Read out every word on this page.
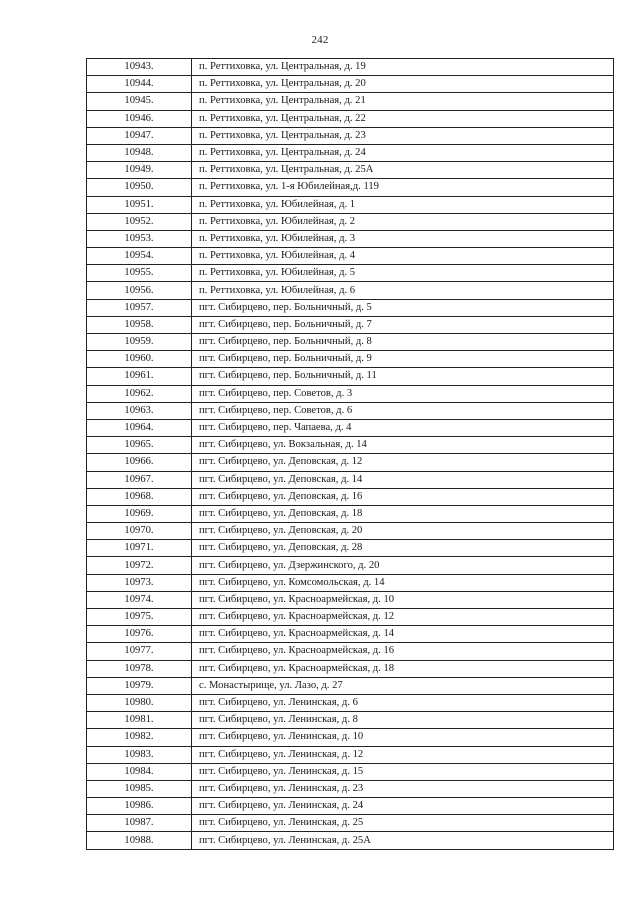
242
10943.	п. Реттиховка, ул. Центральная, д. 19
10944.	п. Реттиховка, ул. Центральная, д. 20
10945.	п. Реттиховка, ул. Центральная, д. 21
10946.	п. Реттиховка, ул. Центральная, д. 22
10947.	п. Реттиховка, ул. Центральная, д. 23
10948.	п. Реттиховка, ул. Центральная, д. 24
10949.	п. Реттиховка, ул. Центральная, д. 25А
10950.	п. Реттиховка, ул. 1-я Юбилейная,д. 119
10951.	п. Реттиховка, ул. Юбилейная, д. 1
10952.	п. Реттиховка, ул. Юбилейная, д. 2
10953.	п. Реттиховка, ул. Юбилейная, д. 3
10954.	п. Реттиховка, ул. Юбилейная, д. 4
10955.	п. Реттиховка, ул. Юбилейная, д. 5
10956.	п. Реттиховка, ул. Юбилейная, д. 6
10957.	пгт. Сибирцево, пер. Больничный, д. 5
10958.	пгт. Сибирцево, пер. Больничный, д. 7
10959.	пгт. Сибирцево, пер. Больничный, д. 8
10960.	пгт. Сибирцево, пер. Больничный, д. 9
10961.	пгт. Сибирцево, пер. Больничный, д. 11
10962.	пгт. Сибирцево, пер. Советов, д. 3
10963.	пгт. Сибирцево, пер. Советов, д. 6
10964.	пгт. Сибирцево, пер. Чапаева, д. 4
10965.	пгт. Сибирцево, ул. Вокзальная, д. 14
10966.	пгт. Сибирцево, ул. Деповская, д. 12
10967.	пгт. Сибирцево, ул. Деповская, д. 14
10968.	пгт. Сибирцево, ул. Деповская, д. 16
10969.	пгт. Сибирцево, ул. Деповская, д. 18
10970.	пгт. Сибирцево, ул. Деповская, д. 20
10971.	пгт. Сибирцево, ул. Деповская, д. 28
10972.	пгт. Сибирцево, ул. Дзержинского, д. 20
10973.	пгт. Сибирцево, ул. Комсомольская, д. 14
10974.	пгт. Сибирцево, ул. Красноармейская, д. 10
10975.	пгт. Сибирцево, ул. Красноармейская, д. 12
10976.	пгт. Сибирцево, ул. Красноармейская, д. 14
10977.	пгт. Сибирцево, ул. Красноармейская, д. 16
10978.	пгт. Сибирцево, ул. Красноармейская, д. 18
10979.	с. Монастырище, ул. Лазо, д. 27
10980.	пгт. Сибирцево, ул. Ленинская, д. 6
10981.	пгт. Сибирцево, ул. Ленинская, д. 8
10982.	пгт. Сибирцево, ул. Ленинская, д. 10
10983.	пгт. Сибирцево, ул. Ленинская, д. 12
10984.	пгт. Сибирцево, ул. Ленинская, д. 15
10985.	пгт. Сибирцево, ул. Ленинская, д. 23
10986.	пгт. Сибирцево, ул. Ленинская, д. 24
10987.	пгт. Сибирцево, ул. Ленинская, д. 25
10988.	пгт. Сибирцево, ул. Ленинская, д. 25А
